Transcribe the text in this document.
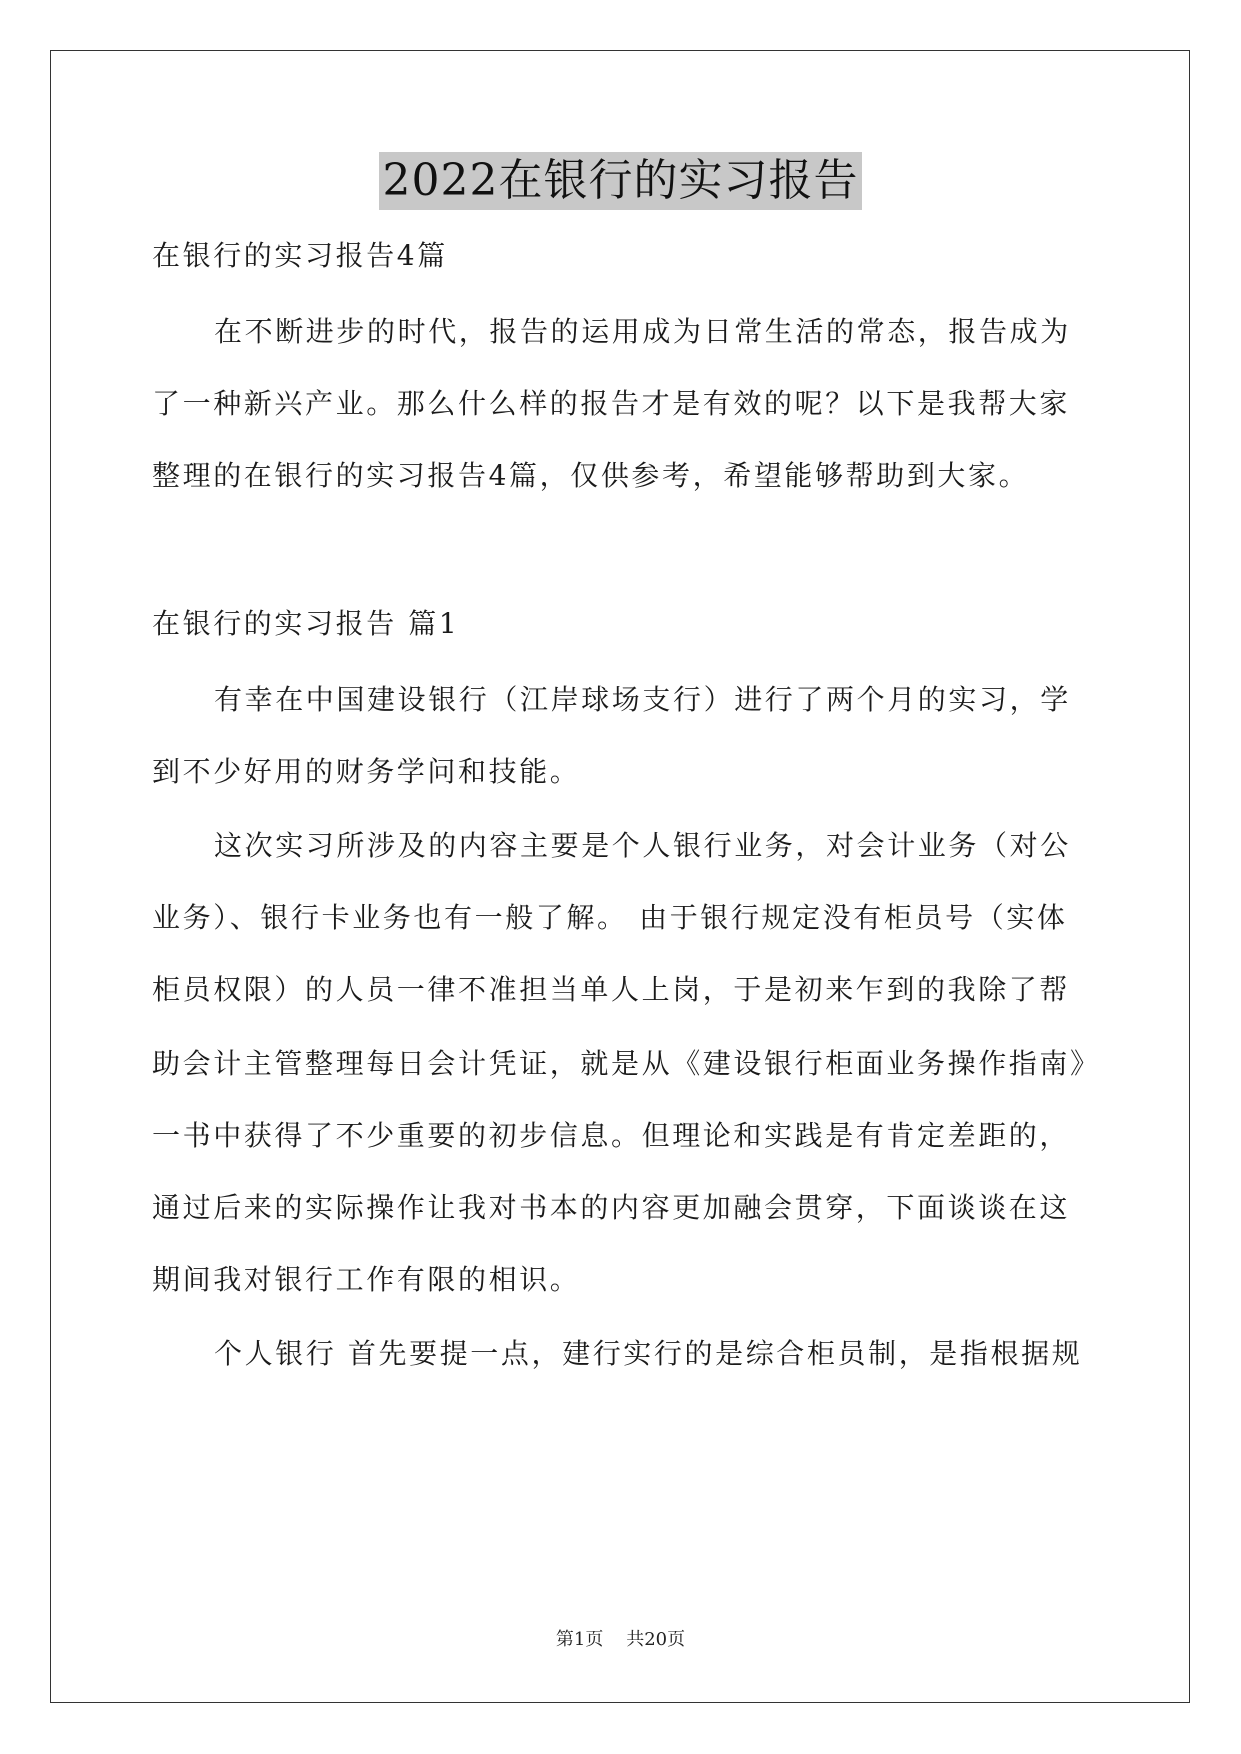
2022在银行的实习报告
在银行的实习报告4篇
在不断进步的时代，报告的运用成为日常生活的常态，报告成为
了一种新兴产业。那么什么样的报告才是有效的呢？以下是我帮大家
整理的在银行的实习报告4篇，仅供参考，希望能够帮助到大家。
在银行的实习报告 篇1
有幸在中国建设银行（江岸球场支行）进行了两个月的实习，学
到不少好用的财务学问和技能。
这次实习所涉及的内容主要是个人银行业务，对会计业务（对公
业务）、银行卡业务也有一般了解。 由于银行规定没有柜员号（实体
柜员权限）的人员一律不准担当单人上岗，于是初来乍到的我除了帮
助会计主管整理每日会计凭证，就是从《建设银行柜面业务操作指南》
一书中获得了不少重要的初步信息。但理论和实践是有肯定差距的，
通过后来的实际操作让我对书本的内容更加融会贯穿，下面谈谈在这
期间我对银行工作有限的相识。
个人银行 首先要提一点，建行实行的是综合柜员制，是指根据规
第1页 共20页
